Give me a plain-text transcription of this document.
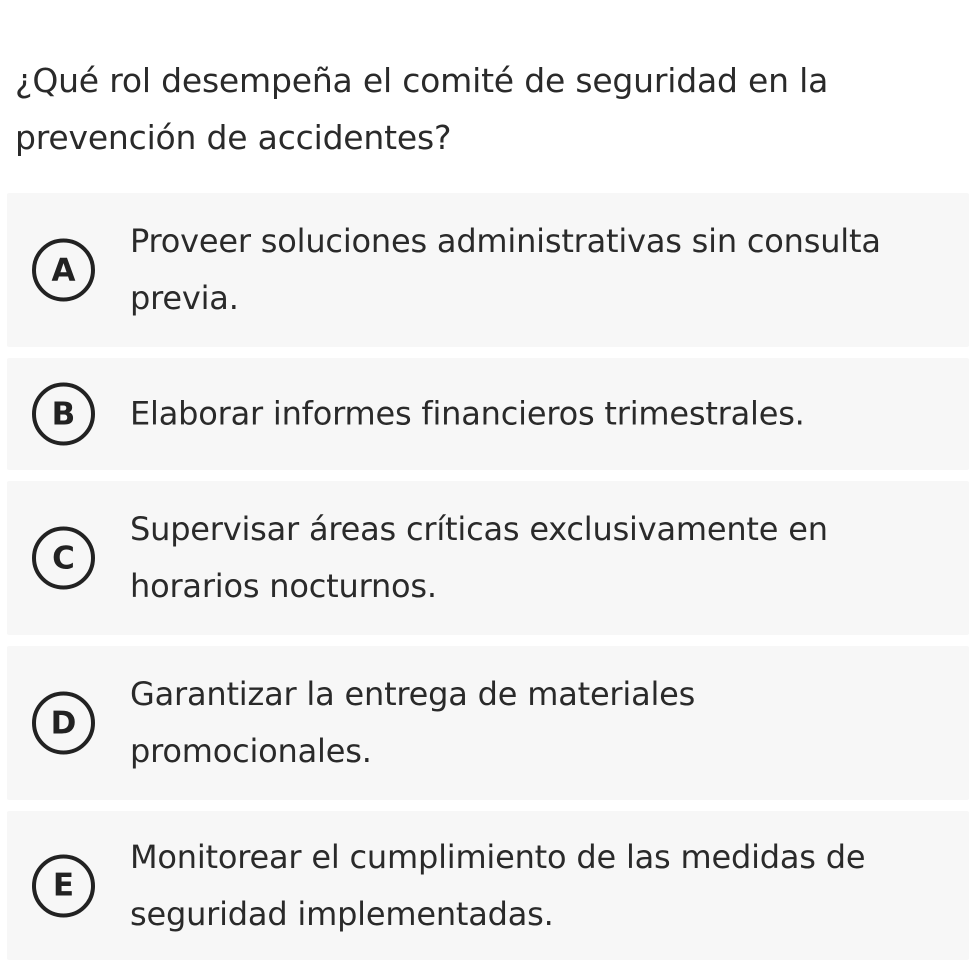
¿Qué rol desempeña el comité de seguridad en la prevención de accidentes?
A
Proveer soluciones administrativas sin consulta previa.
B	Elaborar informes financieros trimestrales.
C
Supervisar áreas críticas exclusivamente en horarios nocturnos.
D
Garantizar la entrega de materiales promocionales.
E
Monitorear el cumplimiento de las medidas de seguridad implementadas.
